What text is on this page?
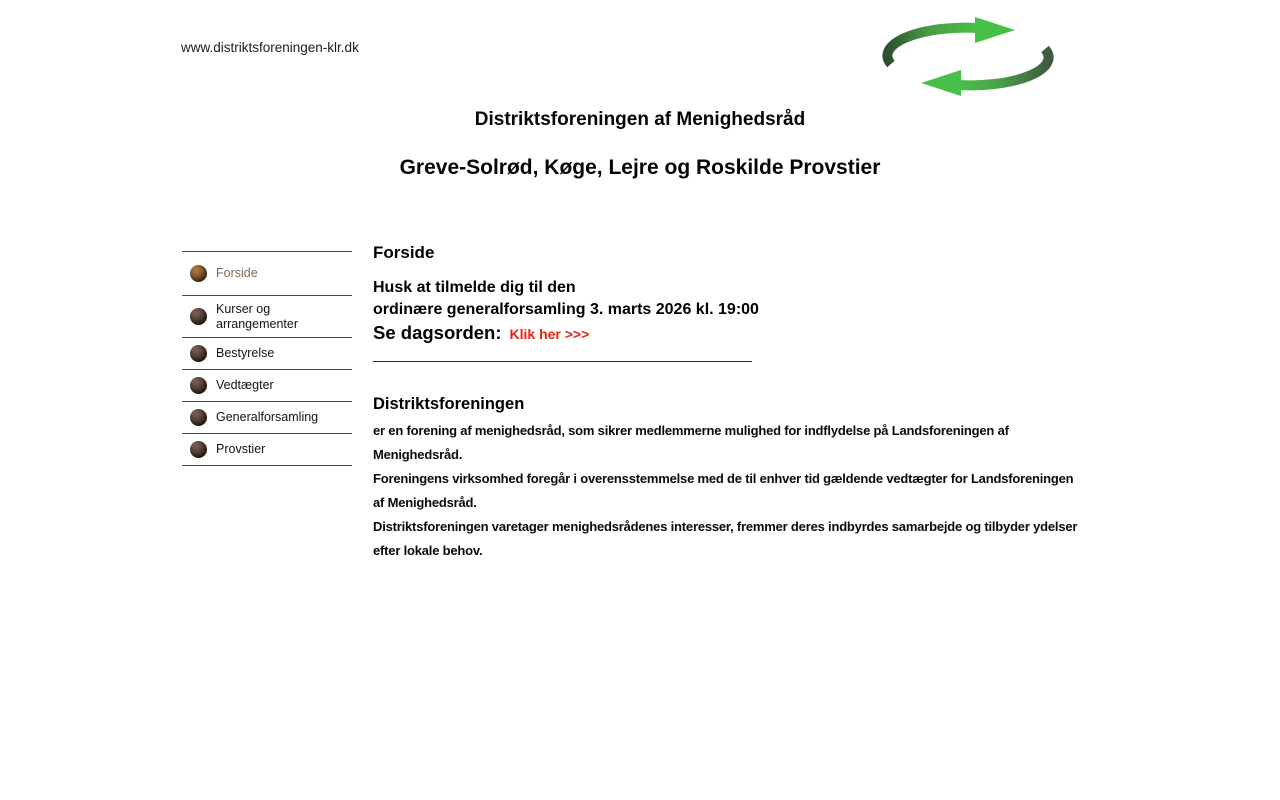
www.distriktsforeningen-klr.dk
Distriktsforeningen af Menighedsråd
Greve-Solrød, Køge, Lejre og Roskilde Provstier
Forside
Kurser og arrangementer
Bestyrelse
Vedtægter
Generalforsamling
Provstier
Forside
Husk at tilmelde dig til den
ordinære generalforsamling 3. marts 2026 kl. 19:00
Se dagsorden: Klik her >>>
Distriktsforeningen

er en forening af menighedsråd, som sikrer medlemmerne mulighed for indflydelse på Landsforeningen af Menighedsråd.

Foreningens virksomhed foregår i overensstemmelse med de til enhver tid gældende vedtægter for Landsforeningen af Menighedsråd.

Distriktsforeningen varetager menighedsrådenes interesser, fremmer deres indbyrdes samarbejde og tilbyder ydelser efter lokale behov.
